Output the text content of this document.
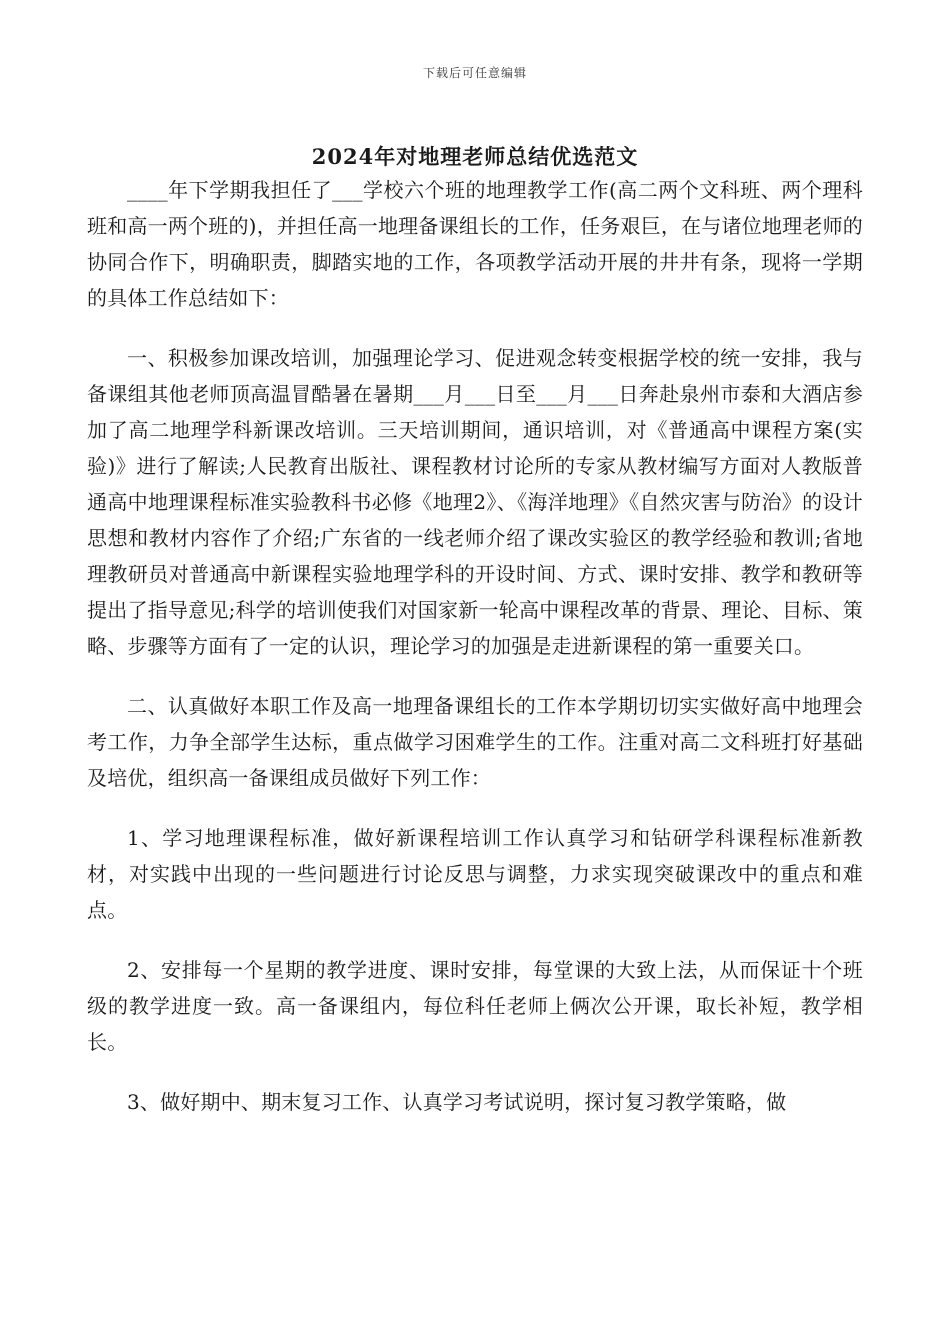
下载后可任意编辑
2024年对地理老师总结优选范文

____年下学期我担任了___学校六个班的地理教学工作(高二两个文科班、两个理科班和高一两个班的)，并担任高一地理备课组长的工作，任务艰巨，在与诸位地理老师的协同合作下，明确职责，脚踏实地的工作，各项教学活动开展的井井有条，现将一学期的具体工作总结如下：

一、积极参加课改培训，加强理论学习、促进观念转变根据学校的统一安排，我与备课组其他老师顶高温冒酷暑在暑期___月___日至___月___日奔赴泉州市泰和大酒店参加了高二地理学科新课改培训。三天培训期间，通识培训，对《普通高中课程方案(实验)》进行了解读;人民教育出版社、课程教材讨论所的专家从教材编写方面对人教版普通高中地理课程标准实验教科书必修《地理2》、《海洋地理》《自然灾害与防治》的设计思想和教材内容作了介绍;广东省的一线老师介绍了课改实验区的教学经验和教训;省地理教研员对普通高中新课程实验地理学科的开设时间、方式、课时安排、教学和教研等提出了指导意见;科学的培训使我们对国家新一轮高中课程改革的背景、理论、目标、策略、步骤等方面有了一定的认识，理论学习的加强是走进新课程的第一重要关口。

二、认真做好本职工作及高一地理备课组长的工作本学期切切实实做好高中地理会考工作，力争全部学生达标，重点做学习困难学生的工作。注重对高二文科班打好基础及培优，组织高一备课组成员做好下列工作：

1、学习地理课程标准，做好新课程培训工作认真学习和钻研学科课程标准新教材，对实践中出现的一些问题进行讨论反思与调整，力求实现突破课改中的重点和难点。

2、安排每一个星期的教学进度、课时安排，每堂课的大致上法，从而保证十个班级的教学进度一致。高一备课组内，每位科任老师上俩次公开课，取长补短，教学相长。

3、做好期中、期末复习工作、认真学习考试说明，探讨复习教学策略，做
